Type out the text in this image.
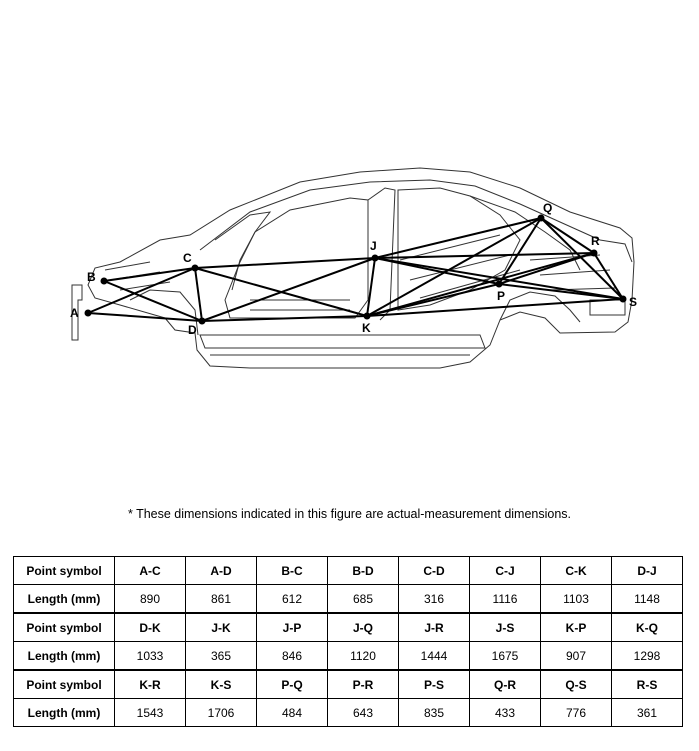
A
B
C
D
J
K
P
Q
R
S
* These dimensions indicated in this figure are actual-measurement dimensions.
Point symbol	A-C	A-D	B-C	B-D	C-D	C-J	C-K	D-J
Length (mm)	890	861	612	685	316	1116	1103	1148
Point symbol	D-K	J-K	J-P	J-Q	J-R	J-S	K-P	K-Q
Length (mm)	1033	365	846	1120	1444	1675	907	1298
Point symbol	K-R	K-S	P-Q	P-R	P-S	Q-R	Q-S	R-S
Length (mm)	1543	1706	484	643	835	433	776	361
